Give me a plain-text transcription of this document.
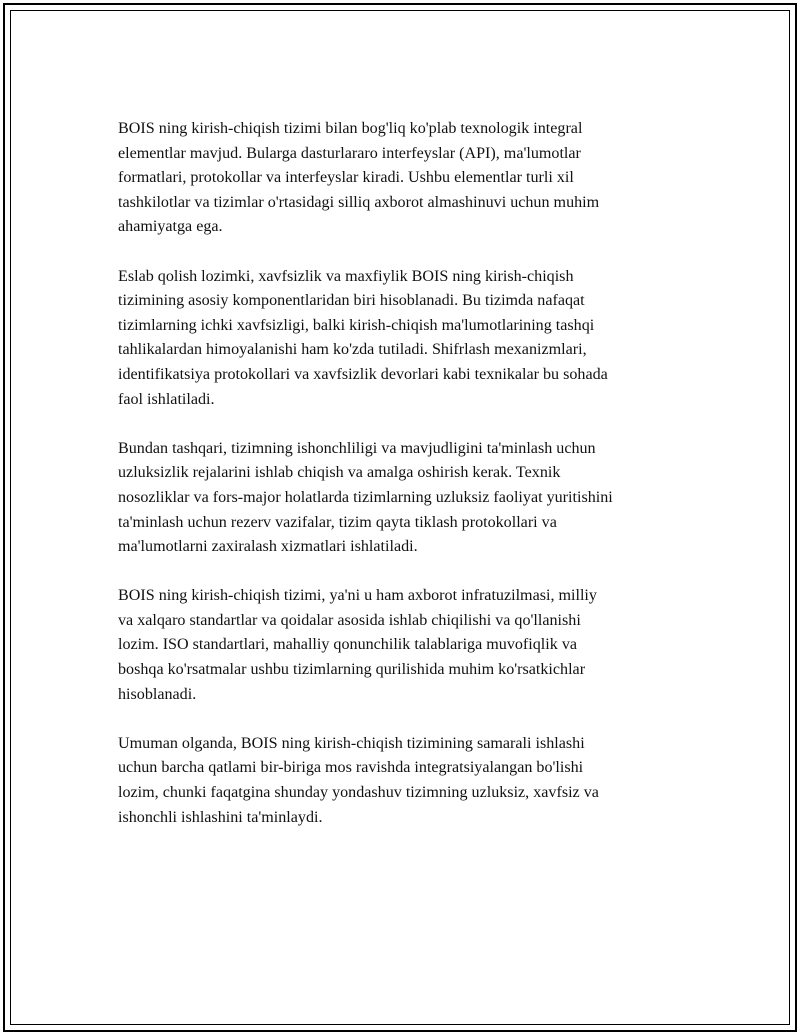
BOIS ning kirish-chiqish tizimi bilan bog'liq ko'plab texnologik integral
elementlar mavjud. Bularga dasturlararo interfeyslar (API), ma'lumotlar
formatlari, protokollar va interfeyslar kiradi. Ushbu elementlar turli xil
tashkilotlar va tizimlar o'rtasidagi silliq axborot almashinuvi uchun muhim
ahamiyatga ega.

Eslab qolish lozimki, xavfsizlik va maxfiylik BOIS ning kirish-chiqish
tizimining asosiy komponentlaridan biri hisoblanadi. Bu tizimda nafaqat
tizimlarning ichki xavfsizligi, balki kirish-chiqish ma'lumotlarining tashqi
tahlikalardan himoyalanishi ham ko'zda tutiladi. Shifrlash mexanizmlari,
identifikatsiya protokollari va xavfsizlik devorlari kabi texnikalar bu sohada
faol ishlatiladi.

Bundan tashqari, tizimning ishonchliligi va mavjudligini ta'minlash uchun
uzluksizlik rejalarini ishlab chiqish va amalga oshirish kerak. Texnik
nosozliklar va fors-major holatlarda tizimlarning uzluksiz faoliyat yuritishini
ta'minlash uchun rezerv vazifalar, tizim qayta tiklash protokollari va
ma'lumotlarni zaxiralash xizmatlari ishlatiladi.

BOIS ning kirish-chiqish tizimi, ya'ni u ham axborot infratuzilmasi, milliy
va xalqaro standartlar va qoidalar asosida ishlab chiqilishi va qo'llanishi
lozim. ISO standartlari, mahalliy qonunchilik talablariga muvofiqlik va
boshqa ko'rsatmalar ushbu tizimlarning qurilishida muhim ko'rsatkichlar
hisoblanadi.

Umuman olganda, BOIS ning kirish-chiqish tizimining samarali ishlashi
uchun barcha qatlami bir-biriga mos ravishda integratsiyalangan bo'lishi
lozim, chunki faqatgina shunday yondashuv tizimning uzluksiz, xavfsiz va
ishonchli ishlashini ta'minlaydi.
